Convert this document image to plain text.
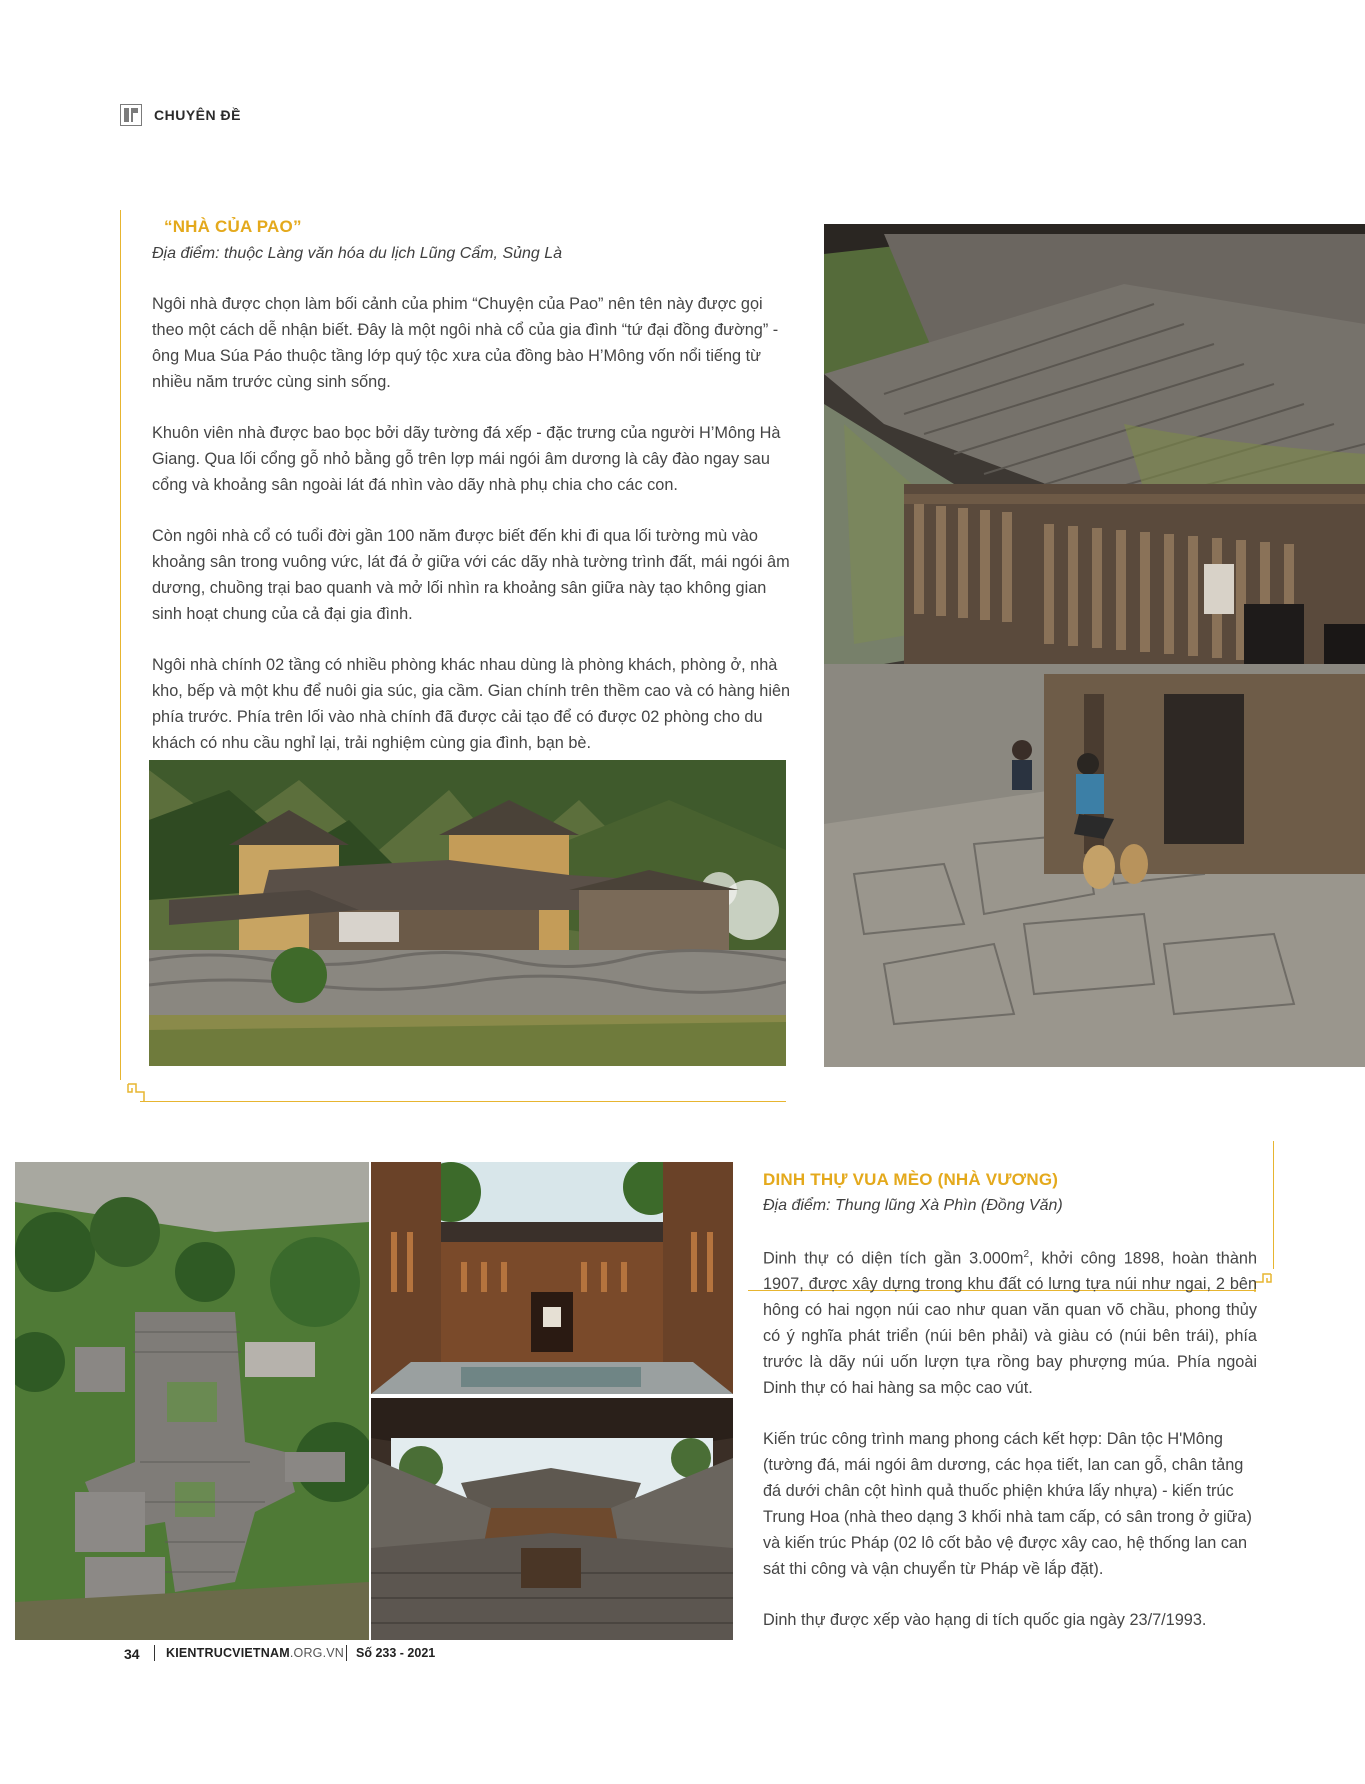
CHUYÊN ĐỀ
“NHÀ CỦA PAO”
Địa điểm: thuộc Làng văn hóa du lịch Lũng Cẩm, Sủng Là

Ngôi nhà được chọn làm bối cảnh của phim “Chuyện của Pao” nên tên này được gọi theo một cách dễ nhận biết. Đây là một ngôi nhà cổ của gia đình “tứ đại đồng đường” - ông Mua Súa Páo thuộc tầng lớp quý tộc xưa của đồng bào H’Mông vốn nổi tiếng từ nhiều năm trước cùng sinh sống.

Khuôn viên nhà được bao bọc bởi dãy tường đá xếp - đặc trưng của người H’Mông Hà Giang. Qua lối cổng gỗ nhỏ bằng gỗ trên lợp mái ngói âm dương là cây đào ngay sau cổng và khoảng sân ngoài lát đá nhìn vào dãy nhà phụ chia cho các con.

Còn ngôi nhà cổ có tuổi đời gần 100 năm được biết đến khi đi qua lối tường mù vào khoảng sân trong vuông vức, lát đá ở giữa với các dãy nhà tường trình đất, mái ngói âm dương, chuồng trại bao quanh và mở lối nhìn ra khoảng sân giữa này tạo không gian sinh hoạt chung của cả đại gia đình.

Ngôi nhà chính 02 tầng có nhiều phòng khác nhau dùng là phòng khách, phòng ở, nhà kho, bếp và một khu để nuôi gia súc, gia cầm. Gian chính trên thềm cao và có hàng hiên phía trước. Phía trên lối vào nhà chính đã được cải tạo để có được 02 phòng cho du khách có nhu cầu nghỉ lại, trải nghiệm cùng gia đình, bạn bè.

DINH THỰ VUA MÈO (NHÀ VƯƠNG)
Địa điểm: Thung lũng Xà Phìn (Đồng Văn)

Dinh thự có diện tích gần $3.000m^2$, khởi công 1898, hoàn thành 1907, được xây dựng trong khu đất có lưng tựa núi như ngai, 2 bên hông có hai ngọn núi cao như quan văn quan võ chầu, phong thủy có ý nghĩa phát triển (núi bên phải) và giàu có (núi bên trái), phía trước là dãy núi uốn lượn tựa rồng bay phượng múa. Phía ngoài Dinh thự có hai hàng sa mộc cao vút.

Kiến trúc công trình mang phong cách kết hợp: Dân tộc H'Mông (tường đá, mái ngói âm dương, các họa tiết, lan can gỗ, chân tảng đá dưới chân cột hình quả thuốc phiện khứa lấy nhựa) - kiến trúc Trung Hoa (nhà theo dạng 3 khối nhà tam cấp, có sân trong ở giữa) và kiến trúc Pháp (02 lô cốt bảo vệ được xây cao, hệ thống lan can sát thi công và vận chuyển từ Pháp về lắp đặt).

Dinh thự được xếp vào hạng di tích quốc gia ngày 23/7/1993.

34 KIENTRUCVIETNAM.ORG.VN Số 233 - 2021
